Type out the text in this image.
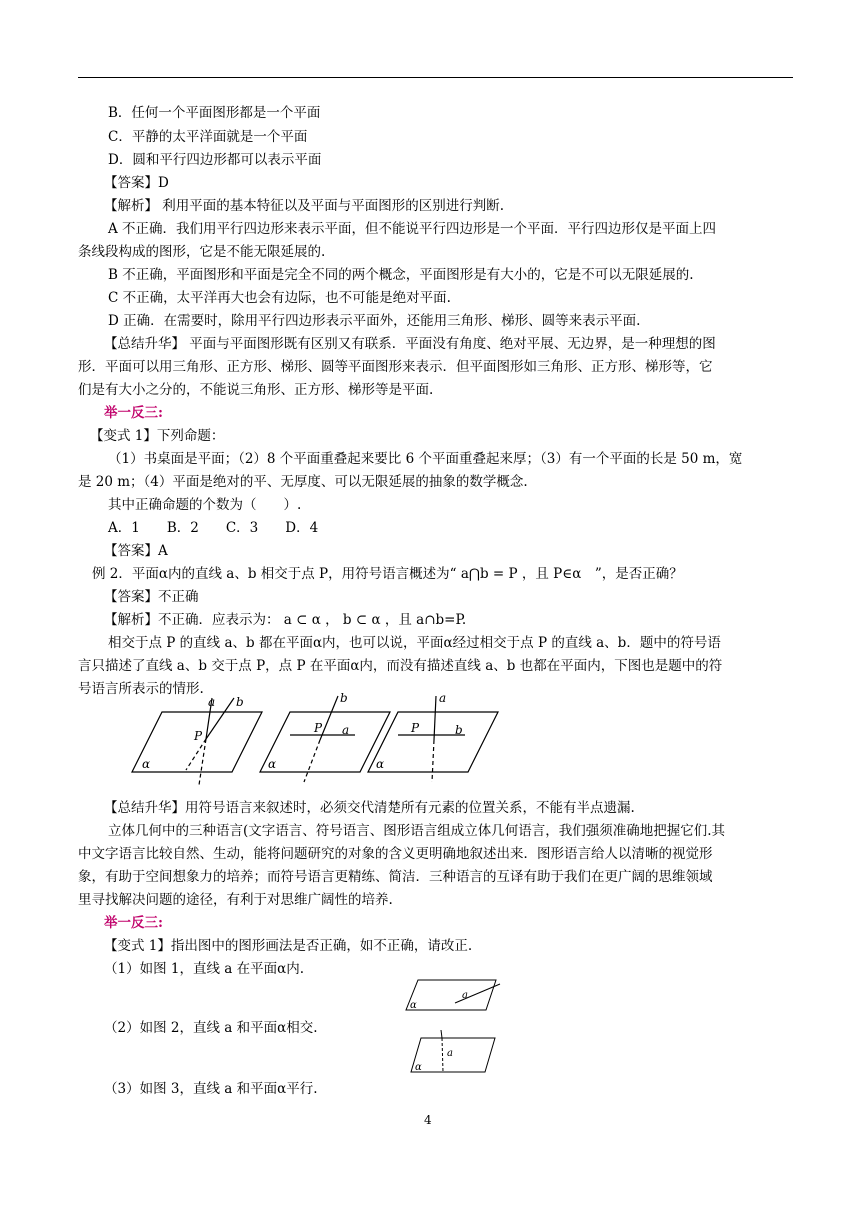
B．任何一个平面图形都是一个平面
C．平静的太平洋面就是一个平面
D．圆和平行四边形都可以表示平面
【答案】D
【解析】 利用平面的基本特征以及平面与平面图形的区别进行判断.
A 不正确．我们用平行四边形来表示平面，但不能说平行四边形是一个平面．平行四边形仅是平面上四
条线段构成的图形，它是不能无限延展的.
B 不正确，平面图形和平面是完全不同的两个概念，平面图形是有大小的，它是不可以无限延展的.
C 不正确，太平洋再大也会有边际，也不可能是绝对平面.
D 正确．在需要时，除用平行四边形表示平面外，还能用三角形、梯形、圆等来表示平面.
【总结升华】 平面与平面图形既有区别又有联系．平面没有角度、绝对平展、无边界，是一种理想的图
形．平面可以用三角形、正方形、梯形、圆等平面图形来表示．但平面图形如三角形、正方形、梯形等，它
们是有大小之分的，不能说三角形、正方形、梯形等是平面.
举一反三:
【变式 1】下列命题：
（1）书桌面是平面；（2）8 个平面重叠起来要比 6 个平面重叠起来厚；（3）有一个平面的长是 50 m，宽
是 20 m；（4）平面是绝对的平、无厚度、可以无限延展的抽象的数学概念.
其中正确命题的个数为（　　）.
A．1　　B．2　　C．3　　D．4
【答案】A
例 2．平面α内的直线 a、b 相交于点 P，用符号语言概述为“ a⋂b = P ，且 P∈α　”，是否正确？
【答案】不正确
【解析】不正确．应表示为： a ⊂ α ， b ⊂ α ，且 a∩b=P.
相交于点 P 的直线 a、b 都在平面α内，也可以说，平面α经过相交于点 P 的直线 a、b．题中的符号语
言只描述了直线 a、b 交于点 P，点 P 在平面α内，而没有描述直线 a、b 也都在平面内，下图也是题中的符
号语言所表示的情形.
a b
P
α
b
P a
α
a
P	b
α
【总结升华】用符号语言来叙述时，必须交代清楚所有元素的位置关系，不能有半点遗漏.
立体几何中的三种语言(文字语言、符号语言、图形语言组成立体几何语言，我们强须准确地把握它们.其
中文字语言比较自然、生动，能将问题研究的对象的含义更明确地叙述出来．图形语言给人以清晰的视觉形
象，有助于空间想象力的培养；而符号语言更精练、简洁．三种语言的互译有助于我们在更广阔的思维领域
里寻找解决问题的途径，有利于对思维广阔性的培养.
举一反三:
【变式 1】指出图中的图形画法是否正确，如不正确，请改正.
（1）如图 1，直线 a 在平面α内.
α
a
（2）如图 2，直线 a 和平面α相交.
α
a
（3）如图 3，直线 a 和平面α平行.
4
